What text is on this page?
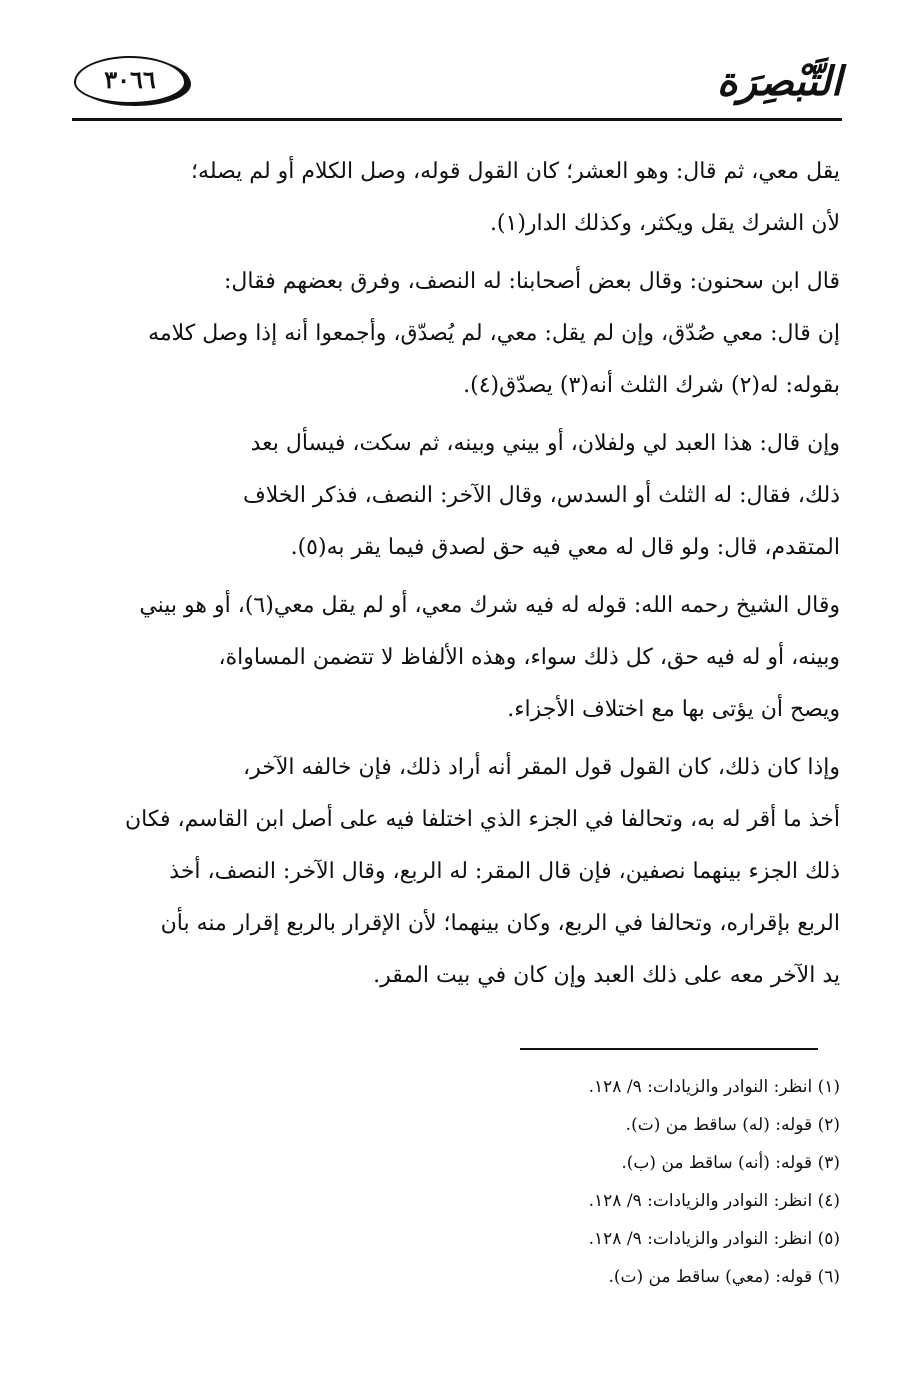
التَّبْصِرَة
٣٠٦٦

يقل معي، ثم قال: وهو العشر؛ كان القول قوله، وصل الكلام أو لم يصله؛

لأن الشرك يقل ويكثر، وكذلك الدار(١).

قال ابن سحنون: وقال بعض أصحابنا: له النصف، وفرق بعضهم فقال:

إن قال: معي صُدّق، وإن لم يقل: معي، لم يُصدّق، وأجمعوا أنه إذا وصل كلامه

بقوله: له(٢) شرك الثلث أنه(٣) يصدّق(٤).

وإن قال: هذا العبد لي ولفلان، أو بيني وبينه، ثم سكت، فيسأل بعد

ذلك، فقال: له الثلث أو السدس، وقال الآخر: النصف، فذكر الخلاف

المتقدم، قال: ولو قال له معي فيه حق لصدق فيما يقر به(٥).

وقال الشيخ رحمه الله: قوله له فيه شرك معي، أو لم يقل معي(٦)، أو هو بيني

وبينه، أو له فيه حق، كل ذلك سواء، وهذه الألفاظ لا تتضمن المساواة،

ويصح أن يؤتى بها مع اختلاف الأجزاء.

وإذا كان ذلك، كان القول قول المقر أنه أراد ذلك، فإن خالفه الآخر،

أخذ ما أقر له به، وتحالفا في الجزء الذي اختلفا فيه على أصل ابن القاسم، فكان

ذلك الجزء بينهما نصفين، فإن قال المقر: له الربع، وقال الآخر: النصف، أخذ

الربع بإقراره، وتحالفا في الربع، وكان بينهما؛ لأن الإقرار بالربع إقرار منه بأن

يد الآخر معه على ذلك العبد وإن كان في بيت المقر.

(١) انظر: النوادر والزيادات: ٩/ ١٢٨.

(٢) قوله: (له) ساقط من (ت).

(٣) قوله: (أنه) ساقط من (ب).

(٤) انظر: النوادر والزيادات: ٩/ ١٢٨.

(٥) انظر: النوادر والزيادات: ٩/ ١٢٨.

(٦) قوله: (معي) ساقط من (ت).
